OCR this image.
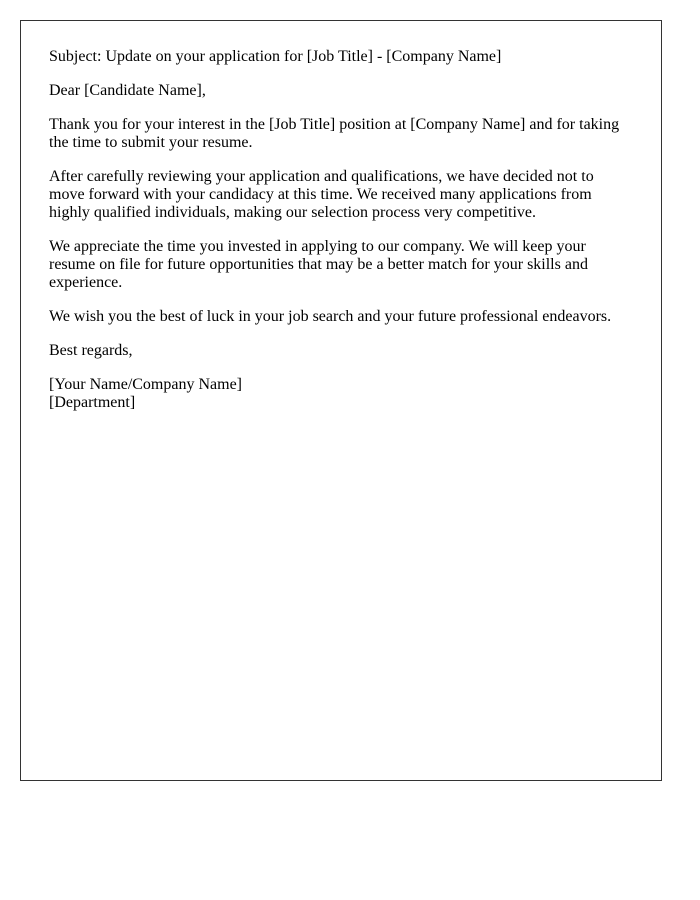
Subject: Update on your application for [Job Title] - [Company Name]

Dear [Candidate Name],

Thank you for your interest in the [Job Title] position at [Company Name] and for taking the time to submit your resume.

After carefully reviewing your application and qualifications, we have decided not to move forward with your candidacy at this time. We received many applications from highly qualified individuals, making our selection process very competitive.

We appreciate the time you invested in applying to our company. We will keep your resume on file for future opportunities that may be a better match for your skills and experience.

We wish you the best of luck in your job search and your future professional endeavors.

Best regards,

[Your Name/Company Name]
[Department]
